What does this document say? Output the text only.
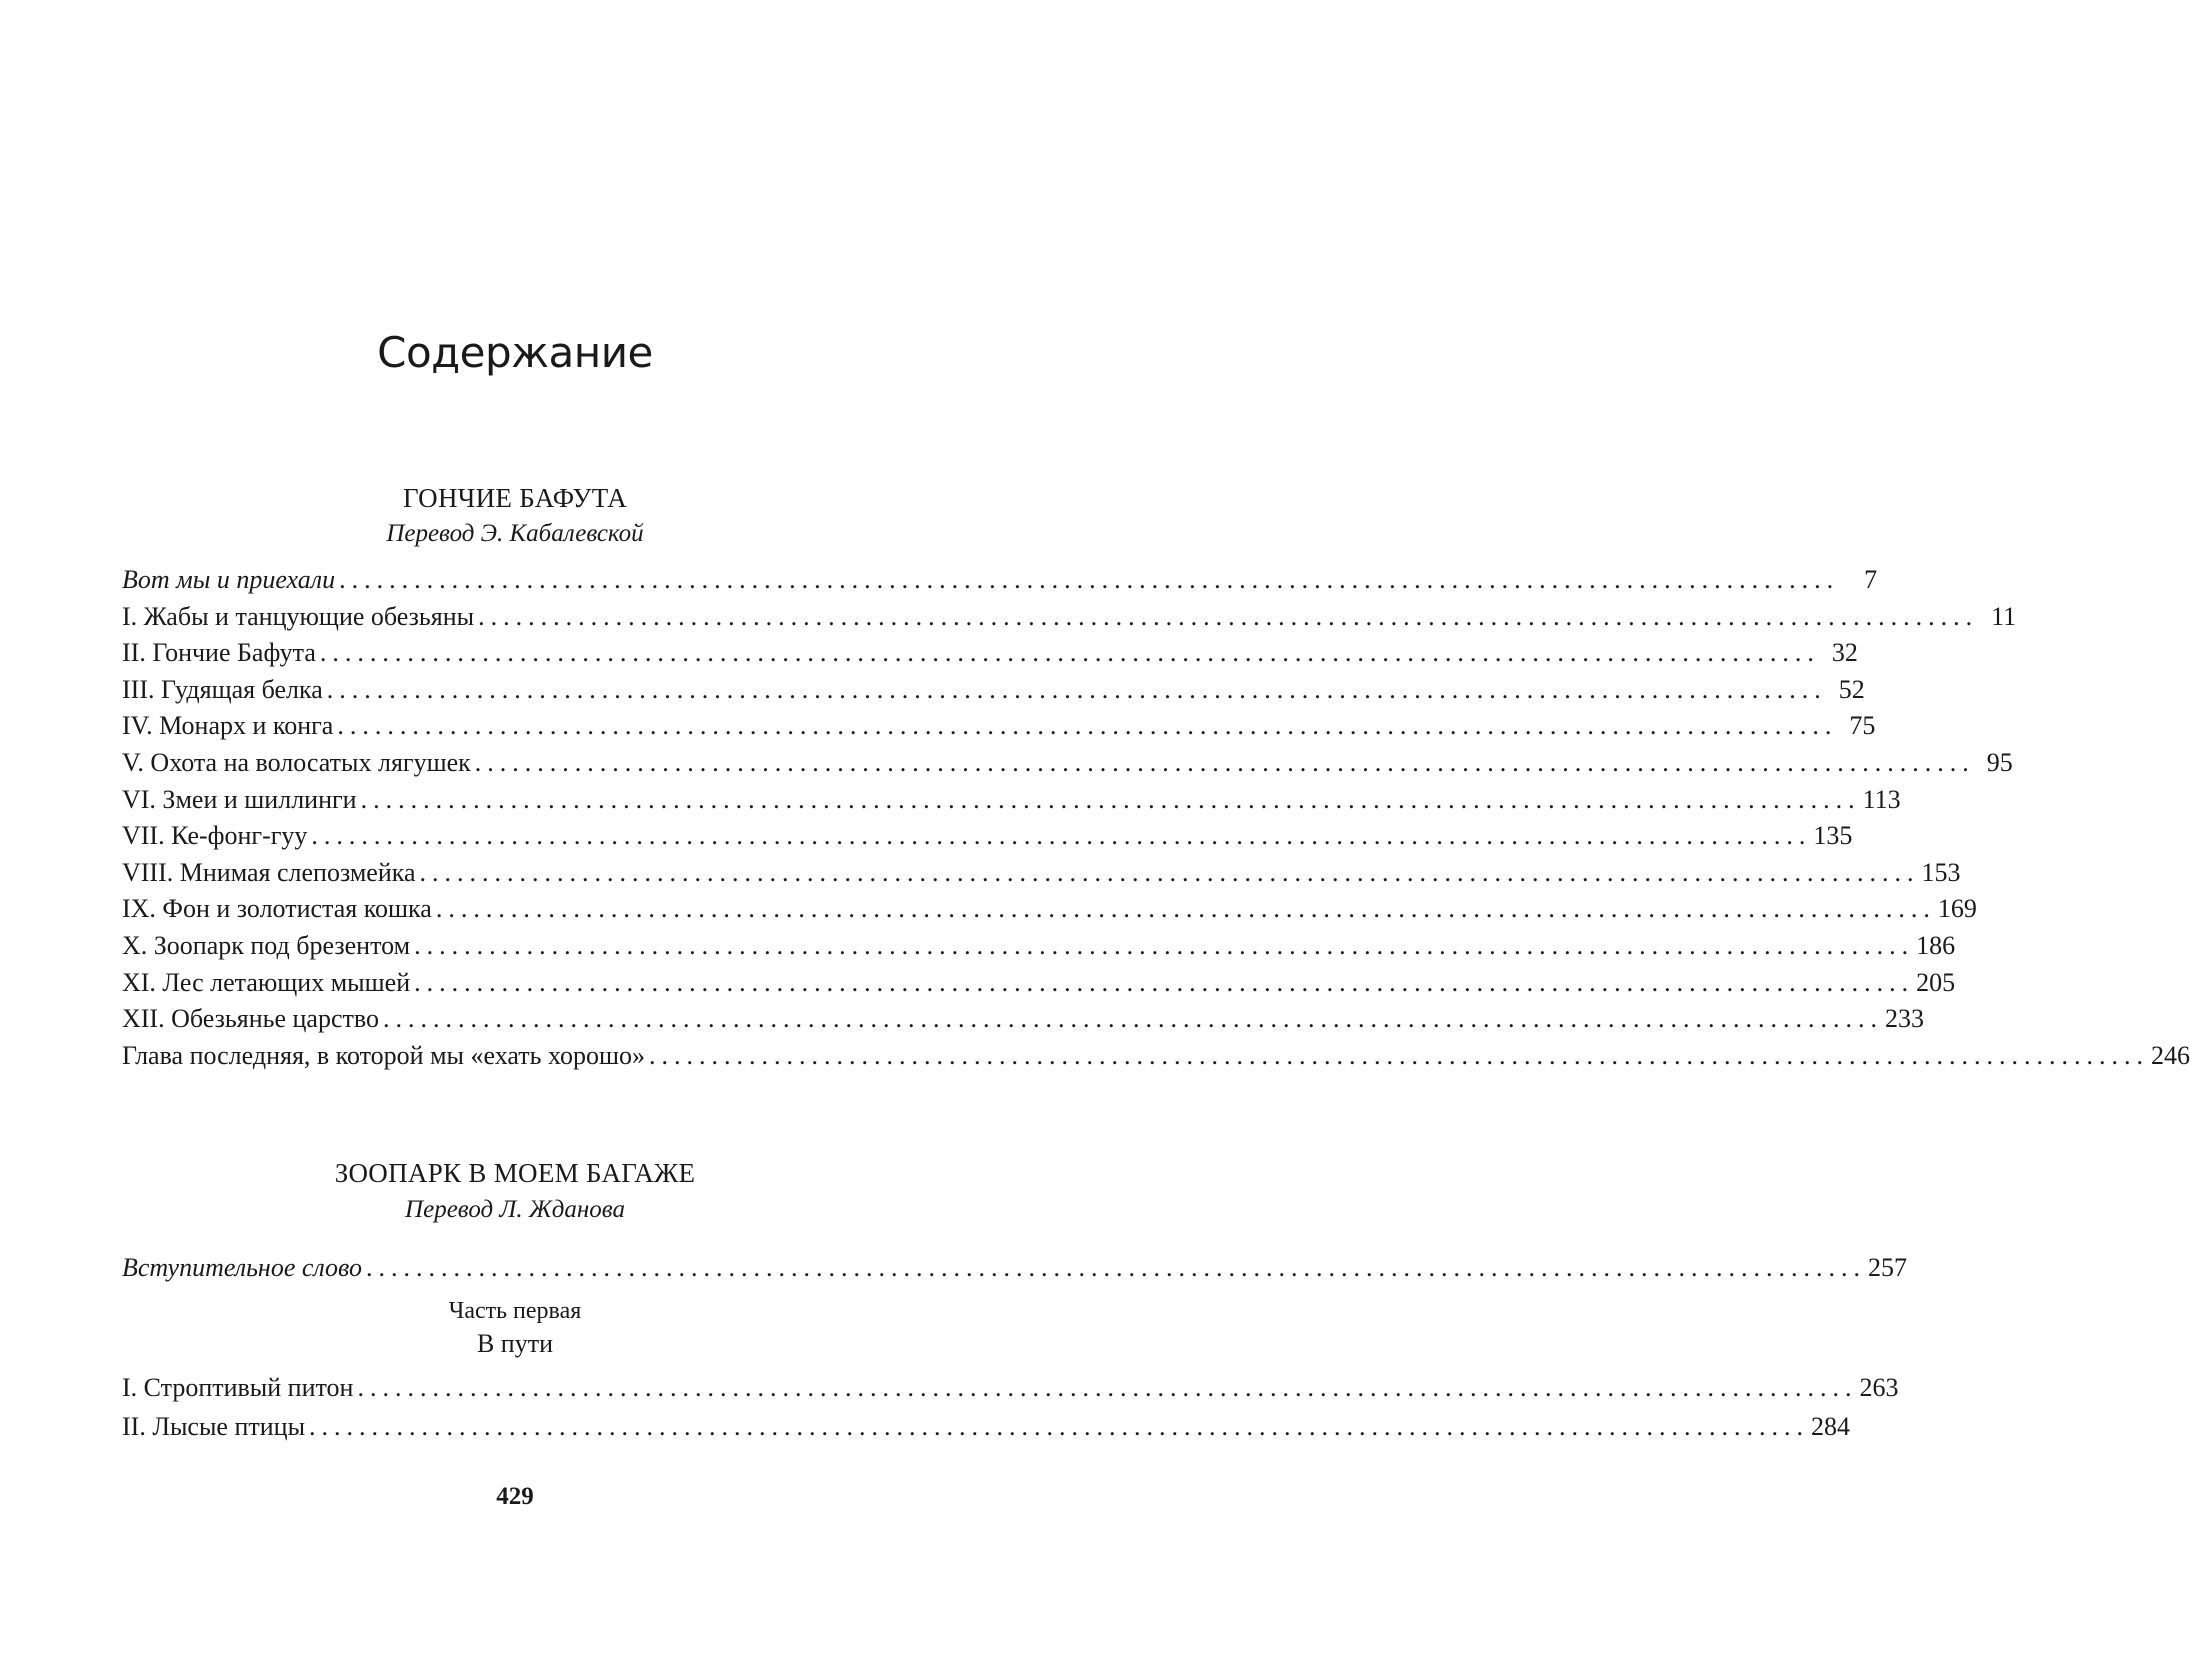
Содержание
ГОНЧИЕ БАФУТА
Перевод Э. Кабалевской
Вот мы и приехали ........................................................................................................................ 7
I. Жабы и танцующие обезьяны ........................................................................................................................ 11
II. Гончие Бафута ........................................................................................................................ 32
III. Гудящая белка ........................................................................................................................ 52
IV. Монарх и конга ........................................................................................................................ 75
V. Охота на волосатых лягушек ........................................................................................................................ 95
VI. Змеи и шиллинги ........................................................................................................................ 113
VII. Ке-фонг-гуу ........................................................................................................................ 135
VIII. Мнимая слепозмейка ........................................................................................................................ 153
IX. Фон и золотистая кошка ........................................................................................................................ 169
X. Зоопарк под брезентом ........................................................................................................................ 186
XI. Лес летающих мышей ........................................................................................................................ 205
XII. Обезьянье царство ........................................................................................................................ 233
Глава последняя, в которой мы «ехать хорошо» ........................................................................................................................ 246
ЗООПАРК В МОЕМ БАГАЖЕ
Перевод Л. Жданова
Вступительное слово ........................................................................................................................ 257
Часть первая
В пути
I. Строптивый питон ........................................................................................................................ 263
II. Лысые птицы ........................................................................................................................ 284
429
